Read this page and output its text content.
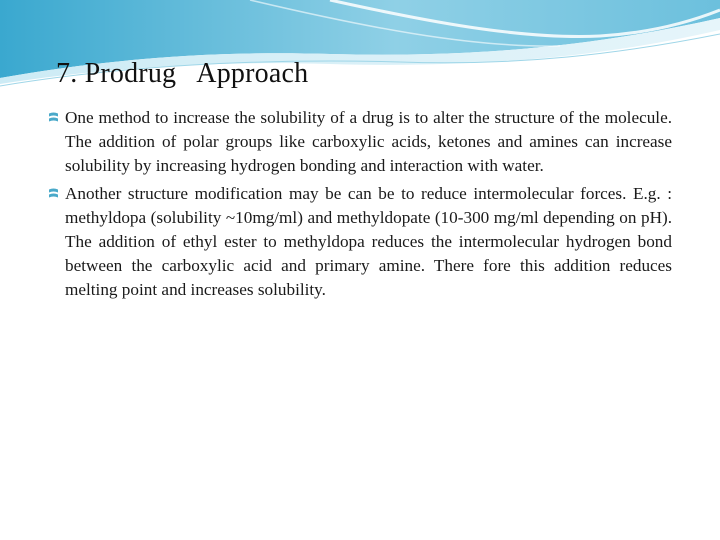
7. Prodrug   Approach
One method to increase the solubility of a drug is to alter the structure of the molecule. The addition of polar groups like carboxylic acids, ketones and amines can increase solubility by increasing hydrogen bonding and interaction with water.
Another structure modification may be can be to reduce intermolecular forces. E.g. : methyldopa (solubility ~10mg/ml) and methyldopate (10-300 mg/ml depending on pH). The addition of ethyl ester to methyldopa reduces the intermolecular hydrogen bond between the carboxylic acid and primary amine. There fore this addition reduces melting point and increases solubility.
